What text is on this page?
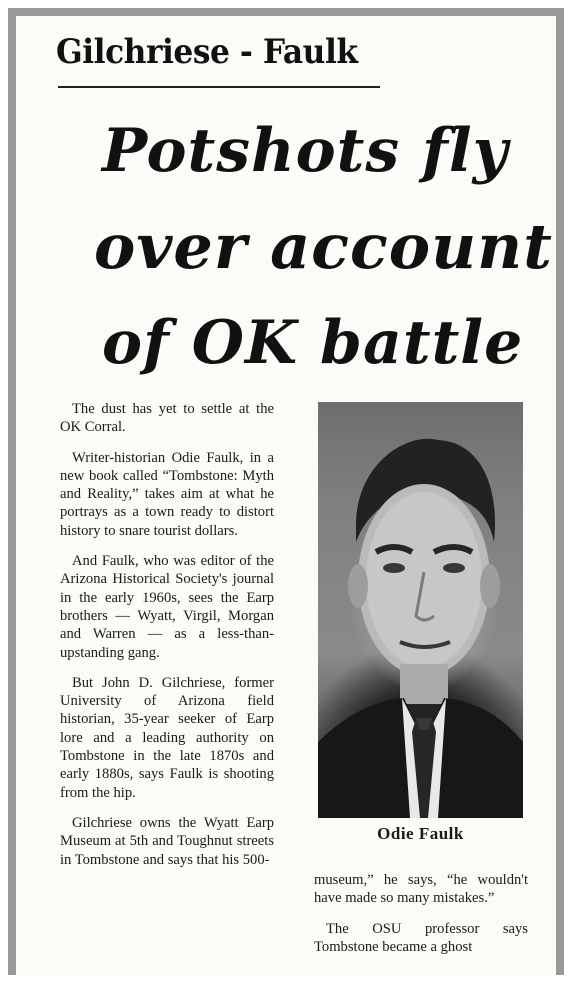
Gilchriese - Faulk
Potshots fly
over account
of OK battle

The dust has yet to settle at the OK Corral.

Writer-historian Odie Faulk, in a new book called “Tombstone: Myth and Reality,” takes aim at what he portrays as a town ready to distort history to snare tourist dollars.

And Faulk, who was editor of the Arizona Historical Society's journal in the early 1960s, sees the Earp brothers — Wyatt, Virgil, Morgan and Warren — as a less-than-upstanding gang.

But John D. Gilchriese, former University of Arizona field historian, 35-year seeker of Earp lore and a leading authority on Tombstone in the late 1870s and early 1880s, says Faulk is shooting from the hip.

Gilchriese owns the Wyatt Earp Museum at 5th and Toughnut streets in Tombstone and says that his 500-

Odie Faulk

museum,” he says, “he wouldn't have made so many mistakes.”

The OSU professor says Tombstone became a ghost
